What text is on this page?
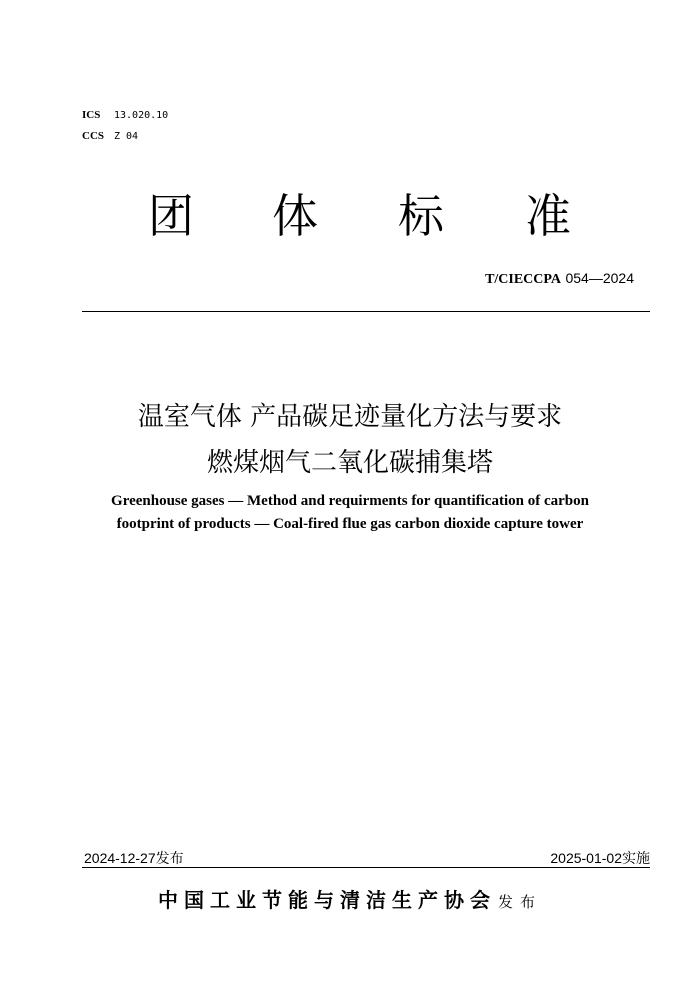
ICS 13.020.10
CCS Z 04
团 体 标 准
T/CIECCPA 054—2024
温室气体 产品碳足迹量化方法与要求
燃煤烟气二氧化碳捕集塔
Greenhouse gases — Method and requirments for quantification of carbon
footprint of products — Coal-fired flue gas carbon dioxide capture tower
2024-12-27发布	2025-01-02实施
中国工业节能与清洁生产协会 发布
